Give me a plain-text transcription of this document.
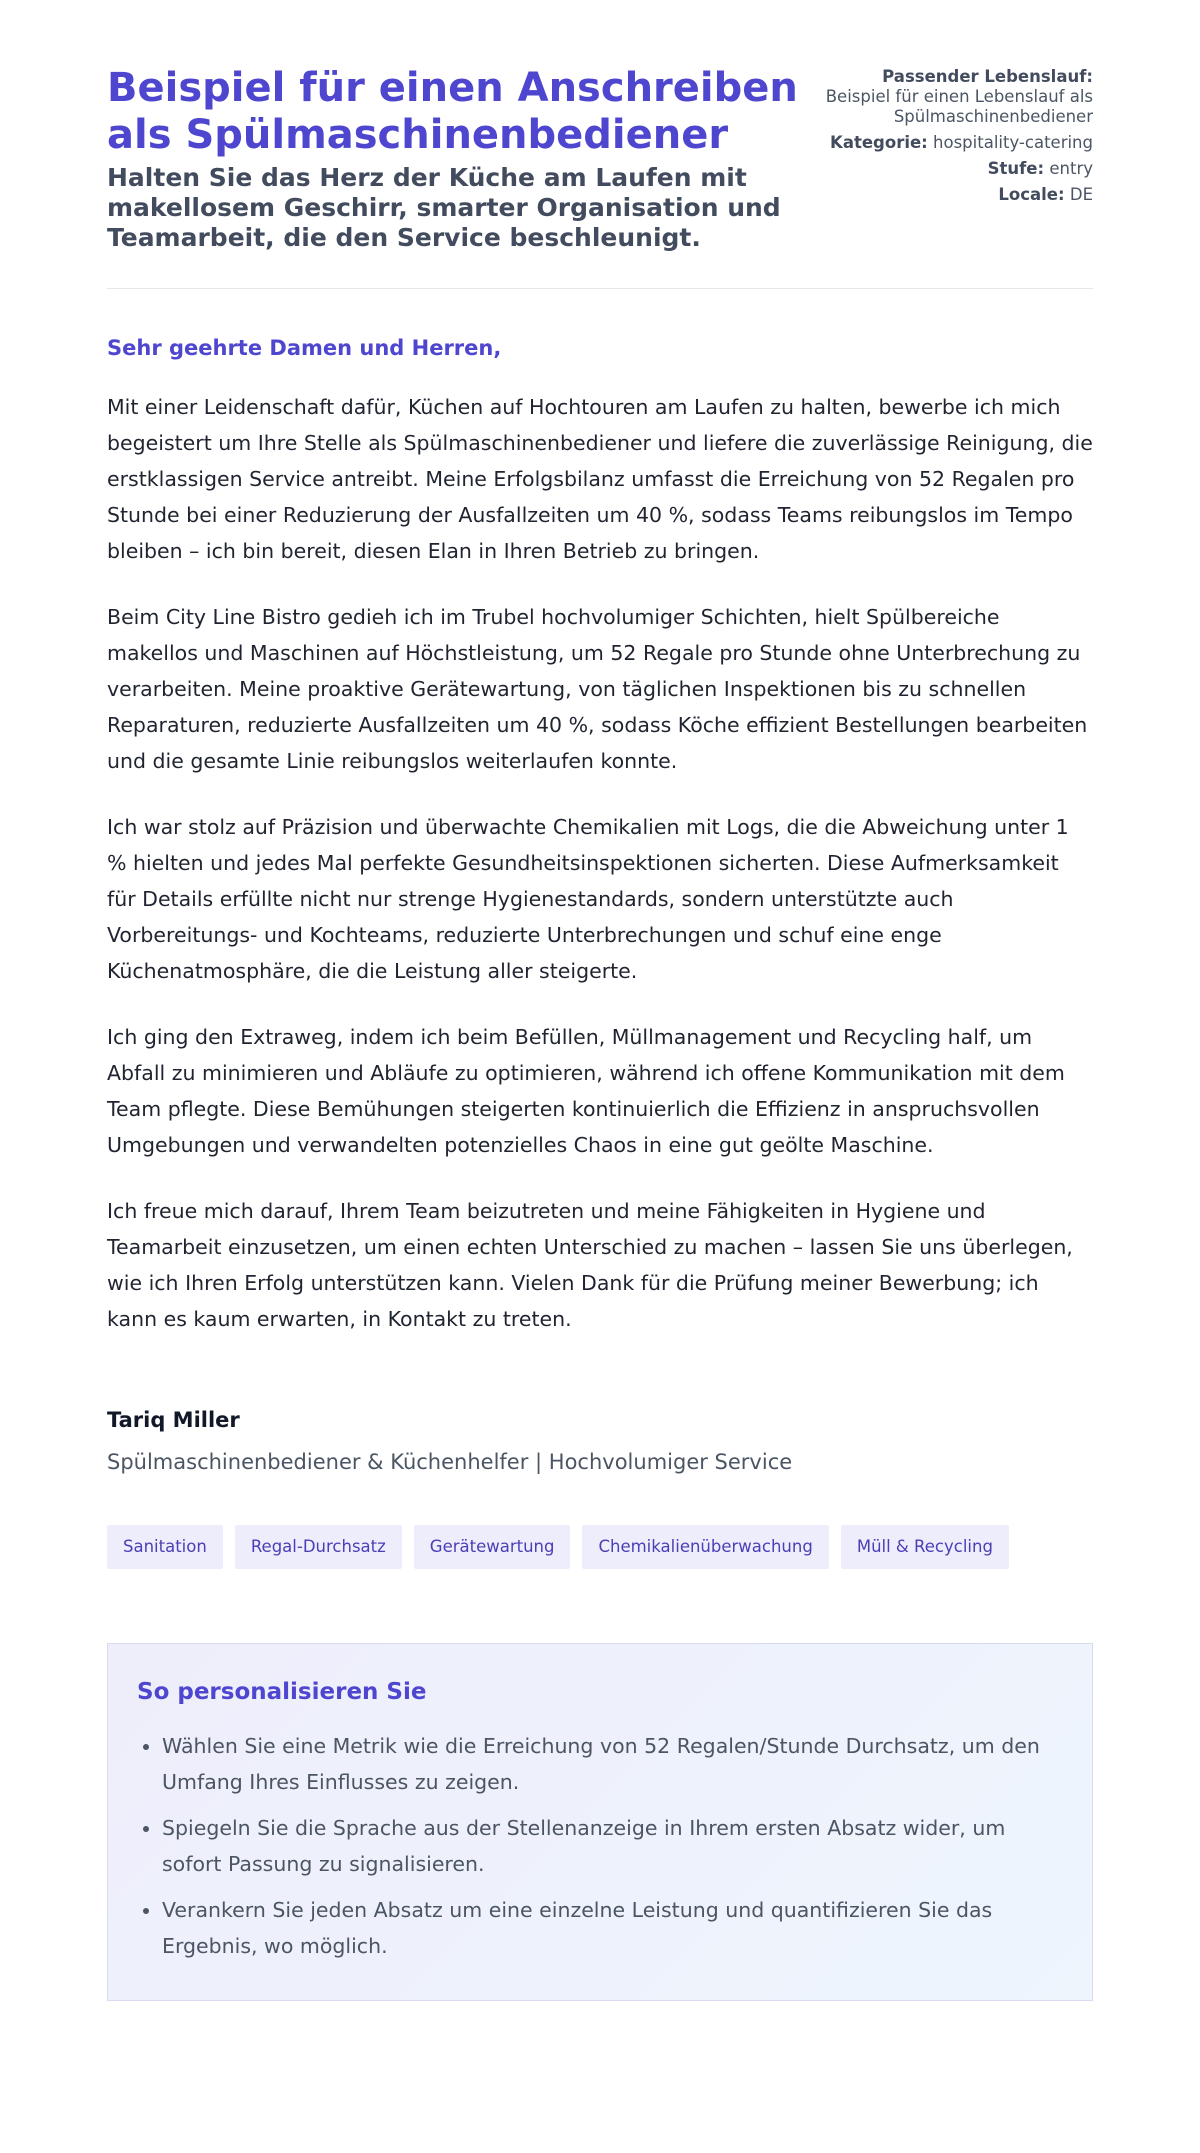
Beispiel für einen Anschreiben als Spülmaschinenbediener
Halten Sie das Herz der Küche am Laufen mit makellosem Geschirr, smarter Organisation und Teamarbeit, die den Service beschleunigt.
Passender Lebenslauf:
Beispiel für einen Lebenslauf als Spülmaschinenbediener
Kategorie: hospitality-catering
Stufe: entry
Locale: DE
Sehr geehrte Damen und Herren,

Mit einer Leidenschaft dafür, Küchen auf Hochtouren am Laufen zu halten, bewerbe ich mich begeistert um Ihre Stelle als Spülmaschinenbediener und liefere die zuverlässige Reinigung, die erstklassigen Service antreibt. Meine Erfolgsbilanz umfasst die Erreichung von 52 Regalen pro Stunde bei einer Reduzierung der Ausfallzeiten um 40 %, sodass Teams reibungslos im Tempo bleiben – ich bin bereit, diesen Elan in Ihren Betrieb zu bringen.

Beim City Line Bistro gedieh ich im Trubel hochvolumiger Schichten, hielt Spülbereiche makellos und Maschinen auf Höchstleistung, um 52 Regale pro Stunde ohne Unterbrechung zu verarbeiten. Meine proaktive Gerätewartung, von täglichen Inspektionen bis zu schnellen Reparaturen, reduzierte Ausfallzeiten um 40 %, sodass Köche effizient Bestellungen bearbeiten und die gesamte Linie reibungslos weiterlaufen konnte.

Ich war stolz auf Präzision und überwachte Chemikalien mit Logs, die die Abweichung unter 1 % hielten und jedes Mal perfekte Gesundheitsinspektionen sicherten. Diese Aufmerksamkeit für Details erfüllte nicht nur strenge Hygienestandards, sondern unterstützte auch Vorbereitungs- und Kochteams, reduzierte Unterbrechungen und schuf eine enge Küchenatmosphäre, die die Leistung aller steigerte.

Ich ging den Extraweg, indem ich beim Befüllen, Müllmanagement und Recycling half, um Abfall zu minimieren und Abläufe zu optimieren, während ich offene Kommunikation mit dem Team pflegte. Diese Bemühungen steigerten kontinuierlich die Effizienz in anspruchsvollen Umgebungen und verwandelten potenzielles Chaos in eine gut geölte Maschine.

Ich freue mich darauf, Ihrem Team beizutreten und meine Fähigkeiten in Hygiene und Teamarbeit einzusetzen, um einen echten Unterschied zu machen – lassen Sie uns überlegen, wie ich Ihren Erfolg unterstützen kann. Vielen Dank für die Prüfung meiner Bewerbung; ich kann es kaum erwarten, in Kontakt zu treten.

Tariq Miller
Spülmaschinenbediener & Küchenhelfer | Hochvolumiger Service
Sanitation	Regal-Durchsatz	Gerätewartung	Chemikalienüberwachung	Müll & Recycling
So personalisieren Sie
• Wählen Sie eine Metrik wie die Erreichung von 52 Regalen/Stunde Durchsatz, um den Umfang Ihres Einflusses zu zeigen.
• Spiegeln Sie die Sprache aus der Stellenanzeige in Ihrem ersten Absatz wider, um sofort Passung zu signalisieren.
• Verankern Sie jeden Absatz um eine einzelne Leistung und quantifizieren Sie das Ergebnis, wo möglich.
